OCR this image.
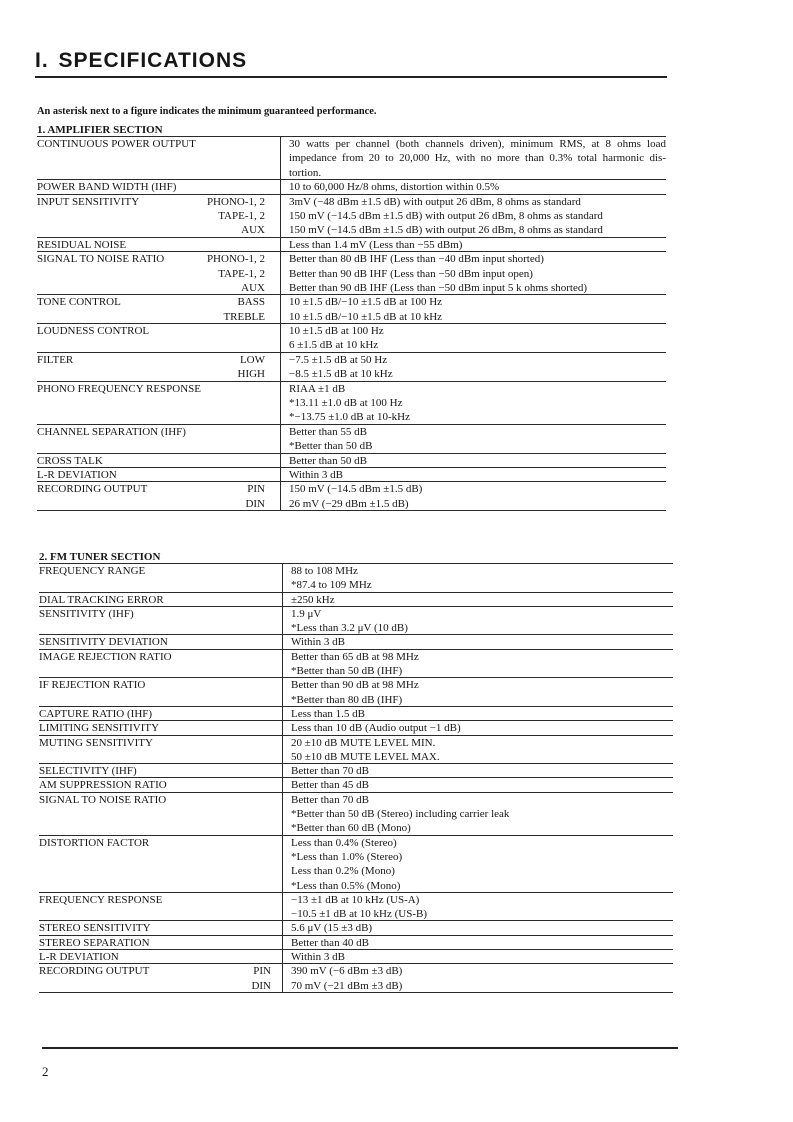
I. SPECIFICATIONS
An asterisk next to a figure indicates the minimum guaranteed performance.
1. AMPLIFIER SECTION
CONTINUOUS POWER OUTPUT	30 watts per channel (both channels driven), minimum RMS, at 8 ohms load
impedance from 20 to 20,000 Hz, with no more than 0.3% total harmonic dis-
tortion.
POWER BAND WIDTH (IHF)	10 to 60,000 Hz/8 ohms, distortion within 0.5%
INPUT SENSITIVITY	PHONO-1, 2 3mV (−48 dBm ±1.5 dB) with output 26 dBm, 8 ohms as standard
TAPE-1, 2 150 mV (−14.5 dBm ±1.5 dB) with output 26 dBm, 8 ohms as standard
AUX 150 mV (−14.5 dBm ±1.5 dB) with output 26 dBm, 8 ohms as standard
RESIDUAL NOISE	Less than 1.4 mV (Less than −55 dBm)
SIGNAL TO NOISE RATIO	PHONO-1, 2 Better than 80 dB IHF (Less than −40 dBm input shorted)
TAPE-1, 2 Better than 90 dB IHF (Less than −50 dBm input open)
AUX Better than 90 dB IHF (Less than −50 dBm input 5 k ohms shorted)
TONE CONTROL	BASS 10 ±1.5 dB/−10 ±1.5 dB at 100 Hz
TREBLE 10 ±1.5 dB/−10 ±1.5 dB at 10 kHz
LOUDNESS CONTROL	10 ±1.5 dB at 100 Hz
6 ±1.5 dB at 10 kHz
FILTER	LOW −7.5 ±1.5 dB at 50 Hz
HIGH −8.5 ±1.5 dB at 10 kHz
PHONO FREQUENCY RESPONSE	RIAA ±1 dB
*13.11 ±1.0 dB at 100 Hz
*−13.75 ±1.0 dB at 10-kHz
CHANNEL SEPARATION (IHF)	Better than 55 dB
*Better than 50 dB
CROSS TALK	Better than 50 dB
L-R DEVIATION	Within 3 dB
RECORDING OUTPUT	PIN 150 mV (−14.5 dBm ±1.5 dB)
DIN 26 mV (−29 dBm ±1.5 dB)
2. FM TUNER SECTION
FREQUENCY RANGE	88 to 108 MHz
*87.4 to 109 MHz
DIAL TRACKING ERROR	±250 kHz
SENSITIVITY (IHF)	1.9 μV
*Less than 3.2 μV (10 dB)
SENSITIVITY DEVIATION	Within 3 dB
IMAGE REJECTION RATIO	Better than 65 dB at 98 MHz
*Better than 50 dB (IHF)
IF REJECTION RATIO	Better than 90 dB at 98 MHz
*Better than 80 dB (IHF)
CAPTURE RATIO (IHF)	Less than 1.5 dB
LIMITING SENSITIVITY	Less than 10 dB (Audio output −1 dB)
MUTING SENSITIVITY	20 ±10 dB MUTE LEVEL MIN.
50 ±10 dB MUTE LEVEL MAX.
SELECTIVITY (IHF)	Better than 70 dB
AM SUPPRESSION RATIO	Better than 45 dB
SIGNAL TO NOISE RATIO	Better than 70 dB
*Better than 50 dB (Stereo) including carrier leak
*Better than 60 dB (Mono)
DISTORTION FACTOR	Less than 0.4% (Stereo)
*Less than 1.0% (Stereo)
Less than 0.2% (Mono)
*Less than 0.5% (Mono)
FREQUENCY RESPONSE	−13 ±1 dB at 10 kHz (US-A)
−10.5 ±1 dB at 10 kHz (US-B)
STEREO SENSITIVITY	5.6 μV (15 ±3 dB)
STEREO SEPARATION	Better than 40 dB
L-R DEVIATION	Within 3 dB
RECORDING OUTPUT	PIN 390 mV (−6 dBm ±3 dB)
DIN 70 mV (−21 dBm ±3 dB)
2
